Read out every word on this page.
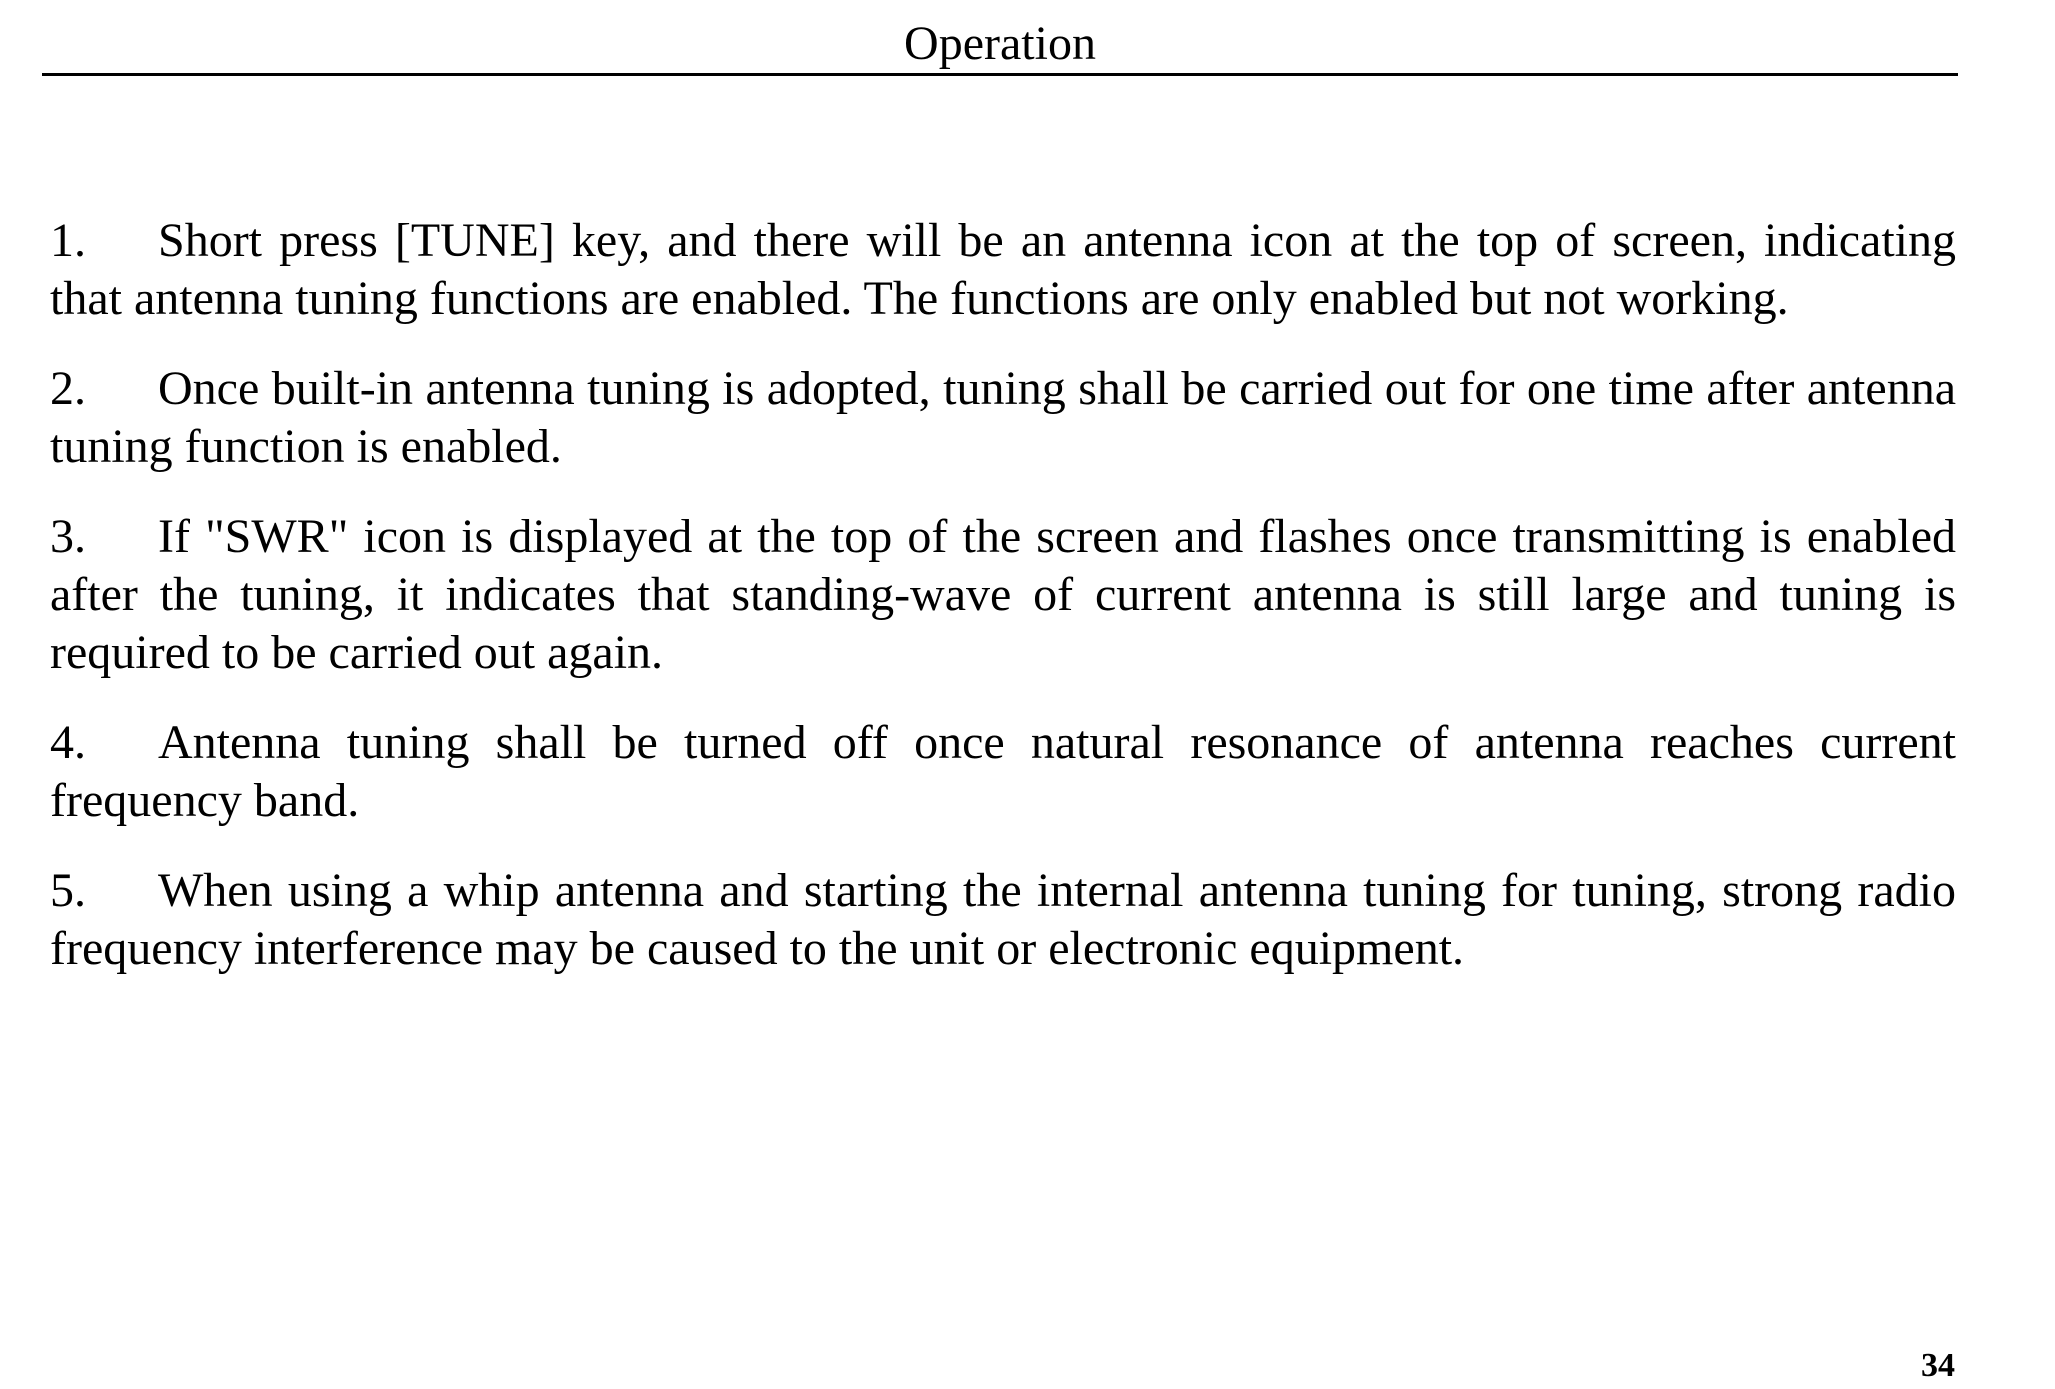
Operation

1. Short press [TUNE] key, and there will be an antenna icon at the top of screen, indicating that antenna tuning functions are enabled. The functions are only enabled but not working.

2. Once built-in antenna tuning is adopted, tuning shall be carried out for one time after antenna tuning function is enabled.

3. If "SWR" icon is displayed at the top of the screen and flashes once transmitting is enabled after the tuning, it indicates that standing-wave of current antenna is still large and tuning is required to be carried out again.

4. Antenna tuning shall be turned off once natural resonance of antenna reaches current frequency band.

5. When using a whip antenna and starting the internal antenna tuning for tuning, strong radio frequency interference may be caused to the unit or electronic equipment.

34
